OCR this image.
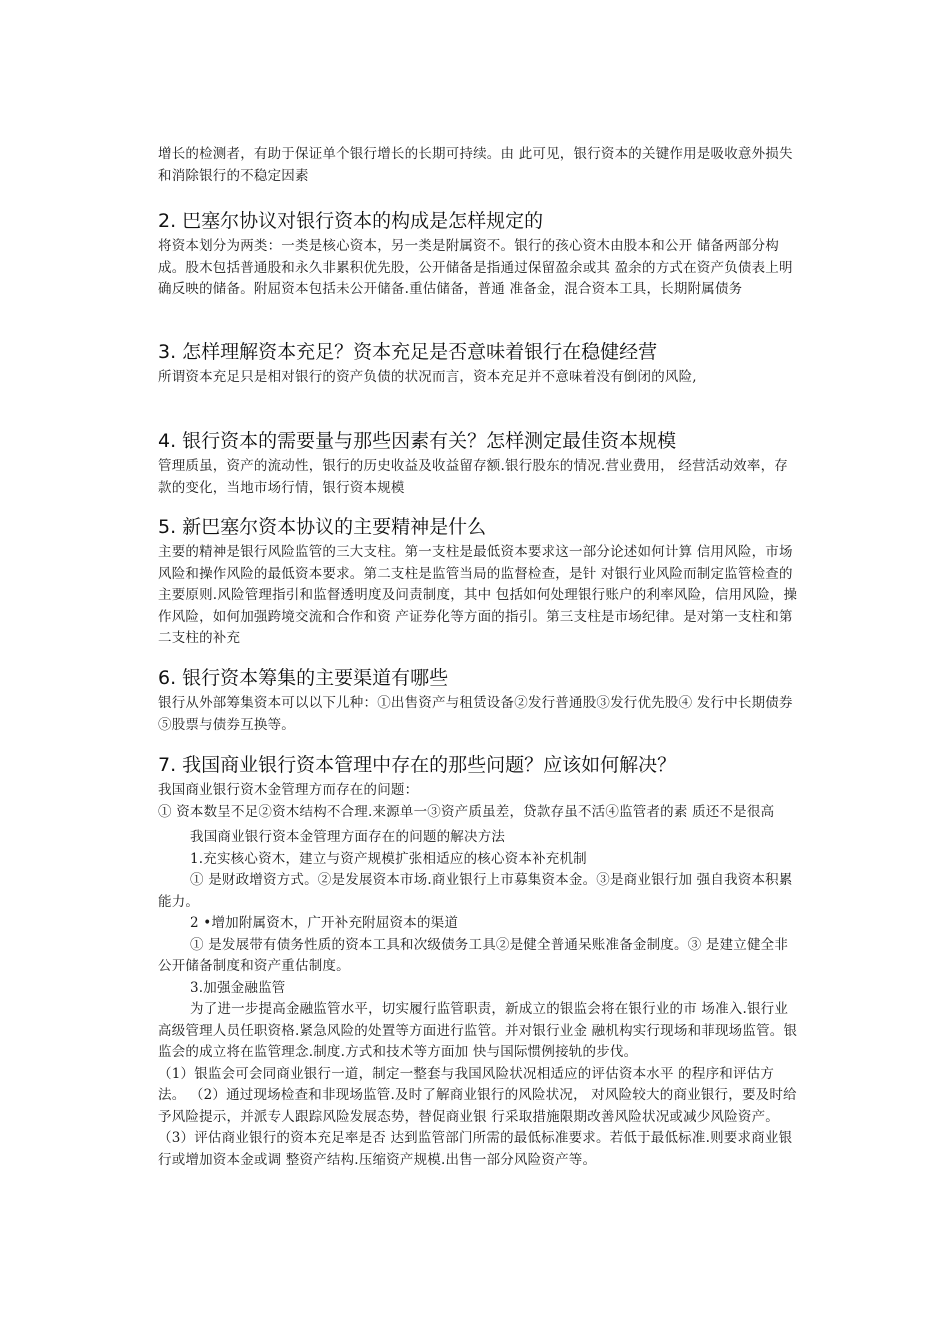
增长的检测者，有助于保证单个银行增长的长期可持续。由 此可见，银行资本的关键作用是吸收意外损失和消除银行的不稳定因素

2. 巴塞尔协议对银行资本的构成是怎样规定的

将资本划分为两类：一类是核心资本，另一类是附属资不。银行的孩心资木由股本和公开 储备两部分构成。股木包括普通股和永久非累积优先股，公开储备是指通过保留盈余或其 盈余的方式在资产负债表上明确反映的储备。附屈资本包括未公开储备.重估储备，普通 准备金，混合资本工具，长期附属债务

3. 怎样理解资本充足？资本充足是否意味着银行在稳健经营

所谓资本充足只是相对银行的资产负债的状况而言，资本充足并不意味着没有倒闭的风险,

4. 银行资本的需要量与那些因素有关？怎样测定最佳资本规模

管理质虽，资产的流动性，银行的历史收益及收益留存额.银行股东的情况.营业费用， 经营活动效率，存款的变化，当地市场行情，银行资本规模

5. 新巴塞尔资本协议的主要精神是什么

主要的精神是银行风险监管的三大支柱。第一支柱是最低资本要求这一部分论述如何计算 信用风险，市场风险和操作风险的最低资本要求。第二支柱是监管当局的监督检查，是针 对银行业风险而制定监管检查的主要原则.风险管理指引和监督透明度及问责制度，其中 包括如何处理银行账户的利率风险，信用风险，操作风险，如何加强跨境交流和合作和资 产证券化等方面的指引。第三支柱是市场纪律。是对第一支柱和第二支柱的补充

6. 银行资本筹集的主要渠道有哪些

银行从外部筹集资本可以以下儿种：①出售资产与租赁设备②发行普通股③发行优先股④ 发行中长期债券⑤股票与债券互换等。

7. 我国商业银行资本管理中存在的那些问题？应该如何解决？

我国商业银行资木金管理方而存在的问题：

① 资本数呈不足②资木结构不合理.来源单一③资产质虽差，贷款存虽不活④监管者的素 质还不是很高

我国商业银行资本金管理方面存在的问题的解决方法

1.充实核心资木，建立与资产规模扩张相适应的核心资本补充机制

① 是财政增资方式。②是发展资本市场.商业银行上市募集资本金。③是商业银行加 强自我资本积累能力。

2 •增加附属资木，广开补充附屈资本的渠道

① 是发展带有债务性质的资本工具和次级债务工具②是健全普通呆账准备金制度。③ 是建立健全非公开储备制度和资产重估制度。

3.加强金融监管

为了进一步提高金融监管水平，切实履行监管职责，新成立的银监会将在银行业的市 场准入.银行业高级管理人员任职资格.紧急风险的处置等方面进行监管。并对银行业金 融机构实行现场和菲现场监管。银监会的成立将在监管理念.制度.方式和技术等方面加 快与国际惯例接轨的步伐。

（1）银监会可会同商业银行一道，制定一整套与我国风险状况相适应的评估资本水平 的程序和评估方法。 （2）通过现场检查和非现场监管.及时了解商业银行的风险状况， 对风险较大的商业银行，要及时给予风险提示，并派专人跟踪风险发展态势，替促商业银 行采取措施限期改善风险状况或减少风险资产。 （3）评估商业银行的资本充足率是否 达到监管部门所需的最低标准要求。若低于最低标准.则要求商业银行或增加资本金或调 整资产结构.压缩资产规模.出售一部分风险资产等。
